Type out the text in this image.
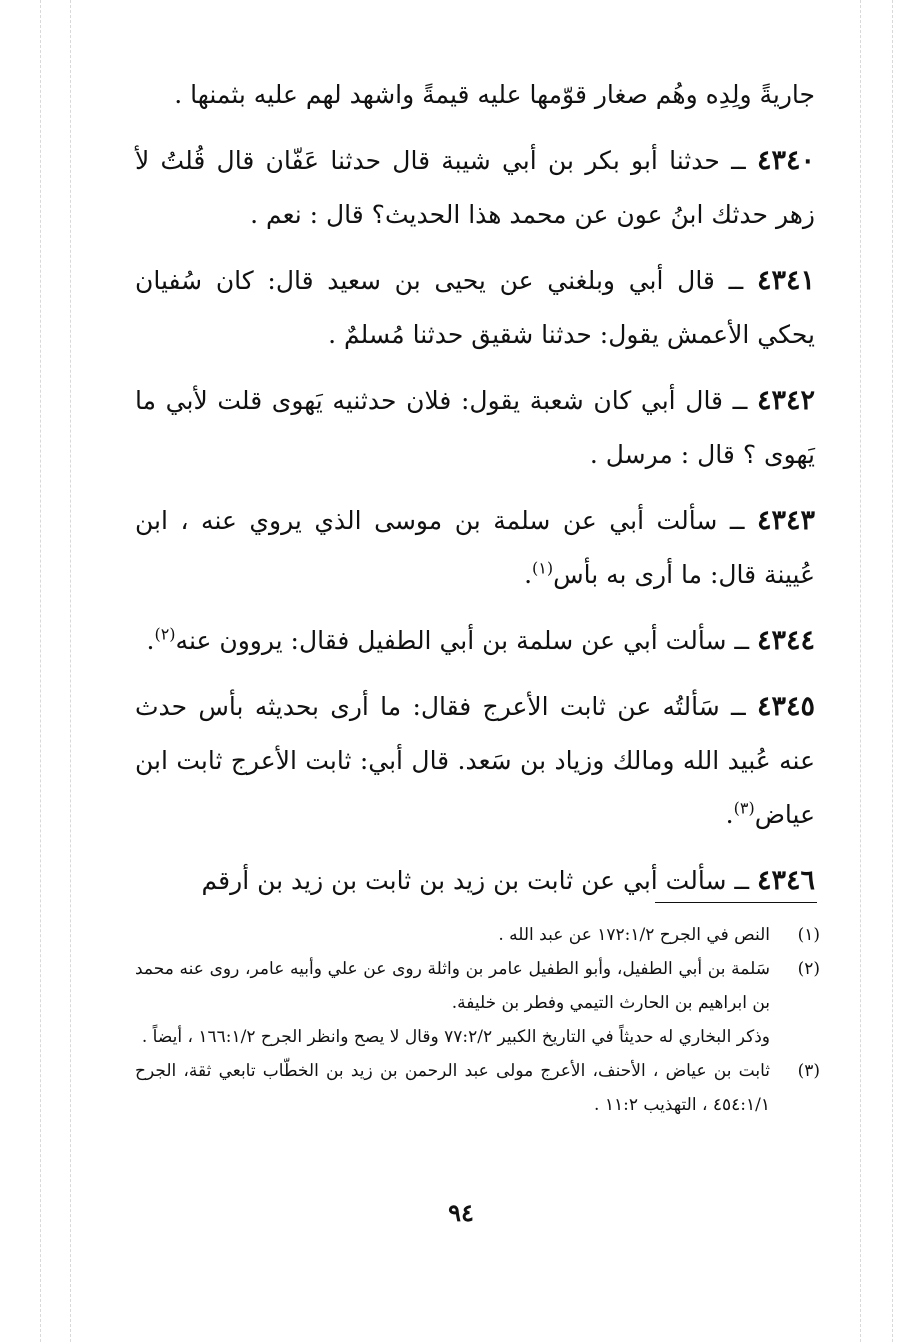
جاريةً ولِدِه وهُم صغار قوّمها عليه قيمةً واشهد لهم عليه بثمنها .

٤٣٤٠ ــ حدثنا أبو بكر بن أبي شيبة قال حدثنا عَفّان قال قُلتُ لأ زهر حدثك ابنُ عون عن محمد هذا الحديث؟ قال : نعم .

٤٣٤١ ــ قال أبي وبلغني عن يحيى بن سعيد قال: كان سُفيان يحكي الأعمش يقول: حدثنا شقيق حدثنا مُسلمٌ .

٤٣٤٢ ــ قال أبي كان شعبة يقول: فلان حدثنيه يَهوى قلت لأبي ما يَهوى ؟ قال : مرسل .

٤٣٤٣ ــ سألت أبي عن سلمة بن موسى الذي يروي عنه ، ابن عُيينة قال: ما أرى به بأس$^{(١)}$.

٤٣٤٤ ــ سألت أبي عن سلمة بن أبي الطفيل فقال: يروون عنه$^{(٢)}$.

٤٣٤٥ ــ سَألتُه عن ثابت الأعرج فقال: ما أرى بحديثه بأس حدث عنه عُبيد الله ومالك وزياد بن سَعد. قال أبي: ثابت الأعرج ثابت ابن عياض$^{(٣)}$.

٤٣٤٦ ــ سألت أبي عن ثابت بن زيد بن ثابت بن زيد بن أرقم

(١)
النص في الجرح ١٧٢:١/٢ عن عبد الله .
(٢)
سَلمة بن أبي الطفيل، وأبو الطفيل عامر بن واثلة روى عن علي وأبيه عامر، روى عنه محمد بن ابراهيم بن الحارث التيمي وفطر بن خليفة.
وذكر البخاري له حديثاً في التاريخ الكبير ٧٧:٢/٢ وقال لا يصح وانظر الجرح ١٦٦:١/٢ ، أيضاً .
(٣)
ثابت بن عياض ، الأحنف، الأعرج مولى عبد الرحمن بن زيد بن الخطّاب تابعي ثقة، الجرح ٤٥٤:١/١ ، التهذيب ١١:٢ .
٩٤
